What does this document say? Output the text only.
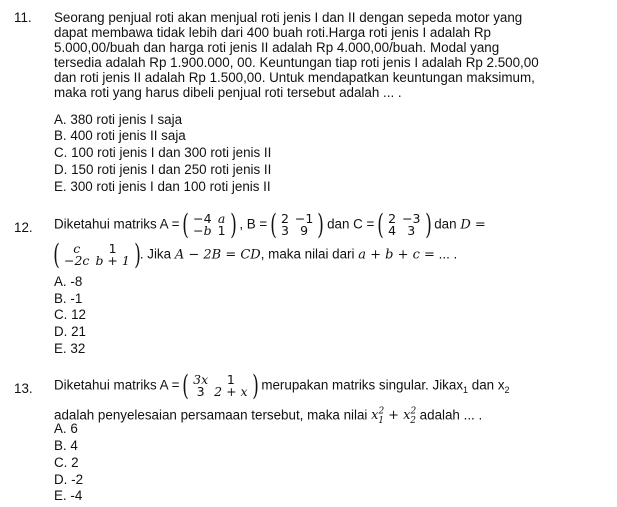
11. Seorang penjual roti akan menjual roti jenis I dan II dengan sepeda motor yang
dapat membawa tidak lebih dari 400 buah roti.Harga roti jenis I adalah Rp
5.000,00/buah dan harga roti jenis II adalah Rp 4.000,00/buah. Modal yang
tersedia adalah Rp 1.900.000, 00. Keuntungan tiap roti jenis I adalah Rp 2.500,00
dan roti jenis II adalah Rp 1.500,00. Untuk mendapatkan keuntungan maksimum,
maka roti yang harus dibeli penjual roti tersebut adalah ... .
A. 380 roti jenis I saja
B. 400 roti jenis II saja
C. 100 roti jenis I dan 300 roti jenis II
D. 150 roti jenis I dan 250 roti jenis II
E. 300 roti jenis I dan 100 roti jenis II
12. Diketahui matriks A = ( −4	a
−b	1 ) , B = ( 2	−1
3	9 ) dan C = ( 2	−3
4	3 ) dan D =
( c	1
−2c	b + 1 ) . Jika A − 2B = CD, maka nilai dari a + b + c = ... .
A. -8
B. -1
C. 12
D. 21
E. 32
13. Diketahui matriks A = ( 3x	1
3	2 + x ) merupakan matriks singular. Jikax$_1$ dan $x_2$
adalah penyelesaian persamaan tersebut, maka nilai $x^2_1 + x^2_2$ adalah ... .
A. 6
B. 4
C. 2
D. -2
E. -4
